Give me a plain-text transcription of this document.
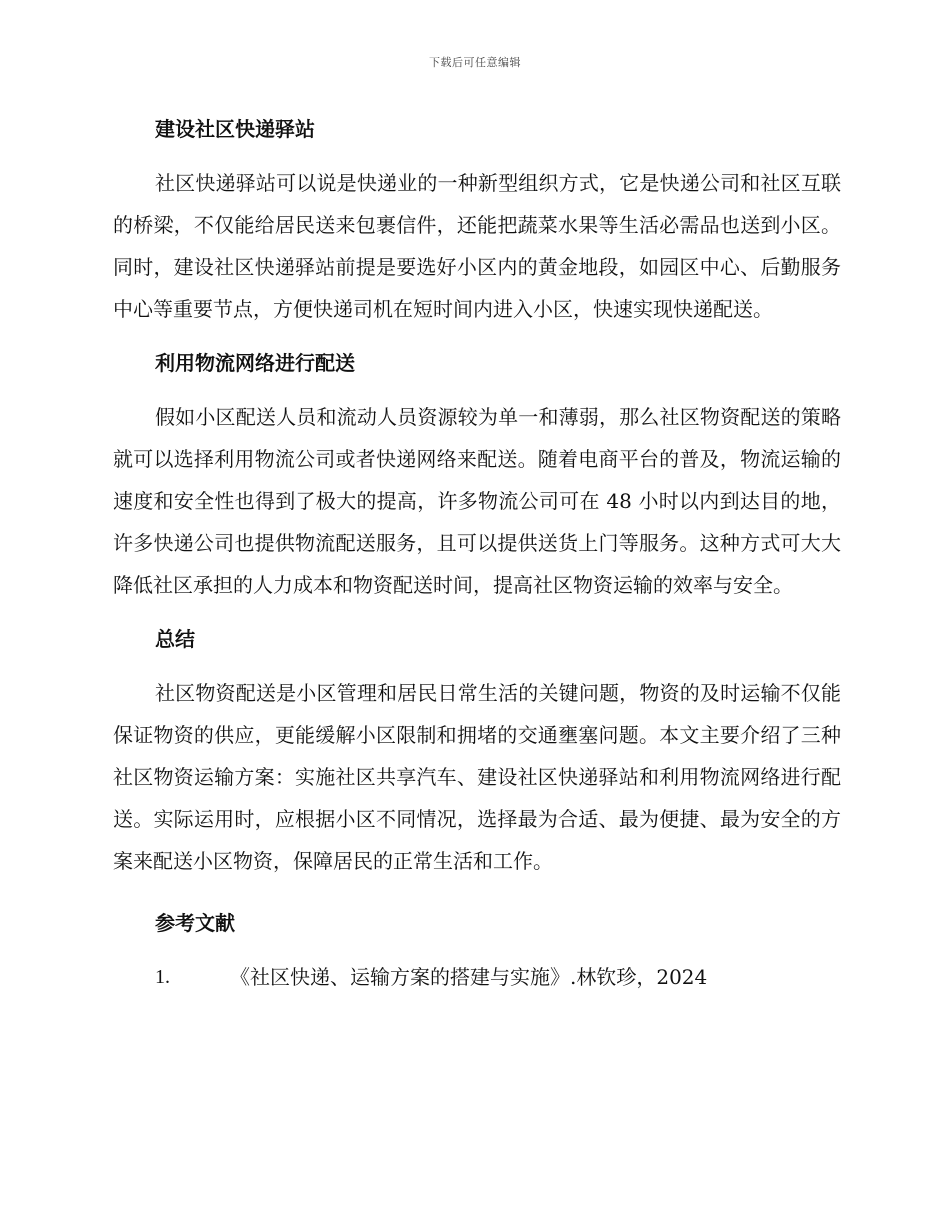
下载后可任意编辑
建设社区快递驿站

社区快递驿站可以说是快递业的一种新型组织方式，它是快递公司和社区互联的桥梁，不仅能给居民送来包裹信件，还能把蔬菜水果等生活必需品也送到小区。同时，建设社区快递驿站前提是要选好小区内的黄金地段，如园区中心、后勤服务中心等重要节点，方便快递司机在短时间内进入小区，快速实现快递配送。

利用物流网络进行配送

假如小区配送人员和流动人员资源较为单一和薄弱，那么社区物资配送的策略就可以选择利用物流公司或者快递网络来配送。随着电商平台的普及，物流运输的速度和安全性也得到了极大的提高，许多物流公司可在 48 小时以内到达目的地，许多快递公司也提供物流配送服务，且可以提供送货上门等服务。这种方式可大大降低社区承担的人力成本和物资配送时间，提高社区物资运输的效率与安全。

总结

社区物资配送是小区管理和居民日常生活的关键问题，物资的及时运输不仅能保证物资的供应，更能缓解小区限制和拥堵的交通壅塞问题。本文主要介绍了三种社区物资运输方案：实施社区共享汽车、建设社区快递驿站和利用物流网络进行配送。实际运用时，应根据小区不同情况，选择最为合适、最为便捷、最为安全的方案来配送小区物资，保障居民的正常生活和工作。

参考文献
1.	《社区快递、运输方案的搭建与实施》.林钦珍，2024
